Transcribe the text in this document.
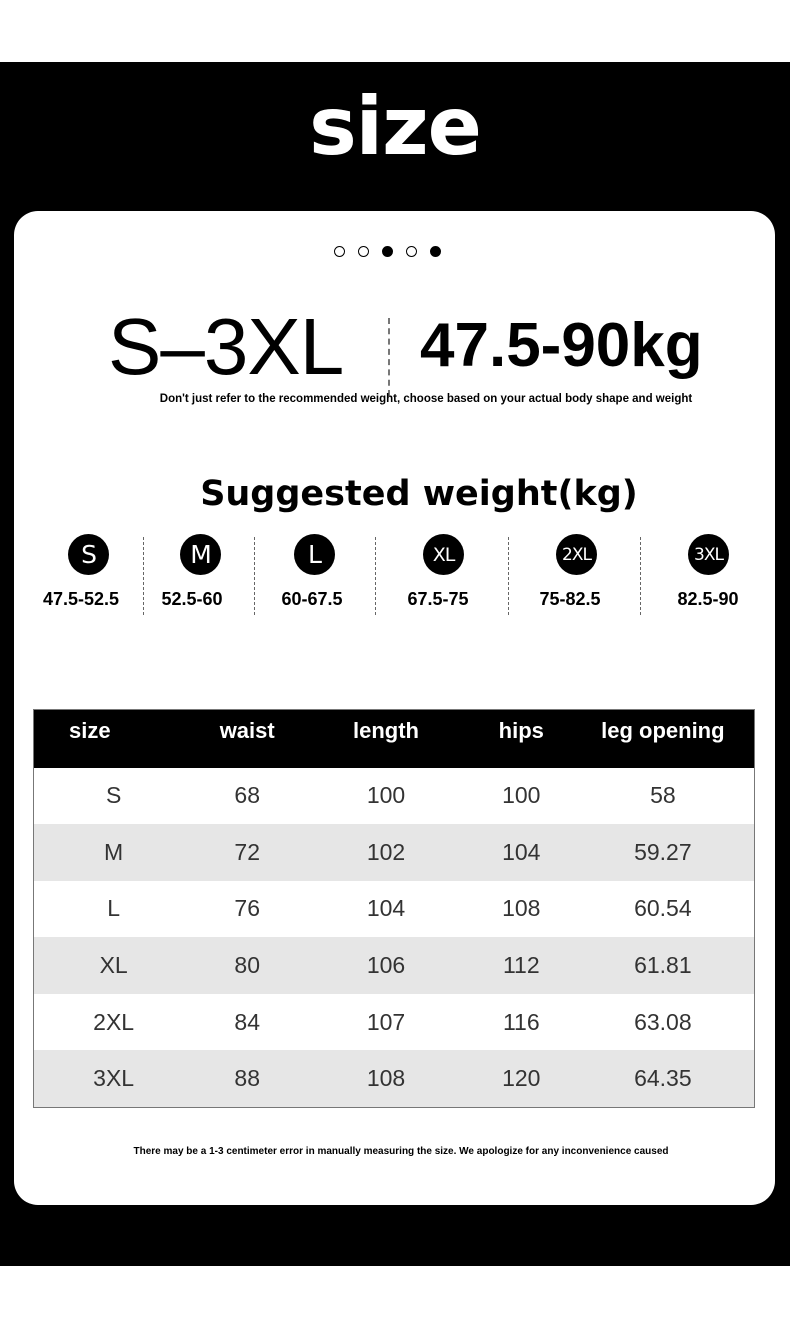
size
S–3XL 47.5-90kg
Don't just refer to the recommended weight, choose based on your actual body shape and weight
Suggested weight(kg)
S	M	L	XL	2XL	3XL
47.5-52.5	52.5-60	60-67.5	67.5-75	75-82.5	82.5-90
size	waist	length	hips	leg opening
S	68	100	100	58
M	72	102	104	59.27
L	76	104	108	60.54
XL	80	106	112	61.81
2XL	84	107	116	63.08
3XL	88	108	120	64.35
There may be a 1-3 centimeter error in manually measuring the size. We apologize for any inconvenience caused
